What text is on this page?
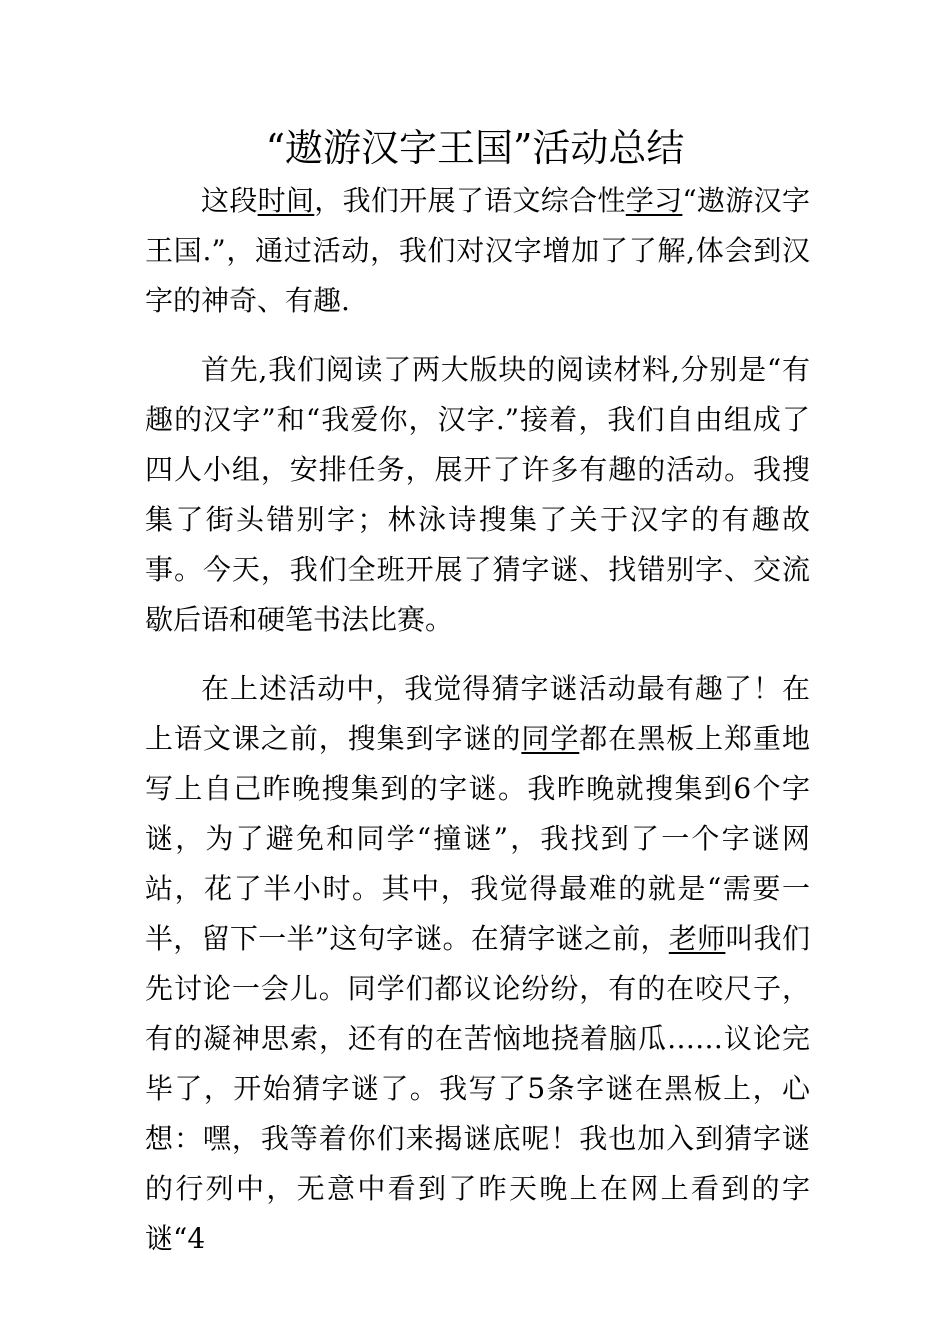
“遨游汉字王国”活动总结

这段时间，我们开展了语文综合性学习“遨游汉字王国.”，通过活动，我们对汉字增加了了解,体会到汉字的神奇、有趣.

首先,我们阅读了两大版块的阅读材料,分别是“有趣的汉字”和“我爱你，汉字.”接着，我们自由组成了四人小组，安排任务，展开了许多有趣的活动。我搜集了街头错别字；林泳诗搜集了关于汉字的有趣故事。今天，我们全班开展了猜字谜、找错别字、交流歇后语和硬笔书法比赛。

在上述活动中，我觉得猜字谜活动最有趣了！在上语文课之前，搜集到字谜的同学都在黑板上郑重地写上自己昨晚搜集到的字谜。我昨晚就搜集到6个字谜，为了避免和同学“撞谜”，我找到了一个字谜网站，花了半小时。其中，我觉得最难的就是“需要一半，留下一半”这句字谜。在猜字谜之前，老师叫我们先讨论一会儿。同学们都议论纷纷，有的在咬尺子，有的凝神思索，还有的在苦恼地挠着脑瓜……议论完毕了，开始猜字谜了。我写了5条字谜在黑板上，心想：嘿，我等着你们来揭谜底呢！我也加入到猜字谜的行列中，无意中看到了昨天晚上在网上看到的字谜“4
